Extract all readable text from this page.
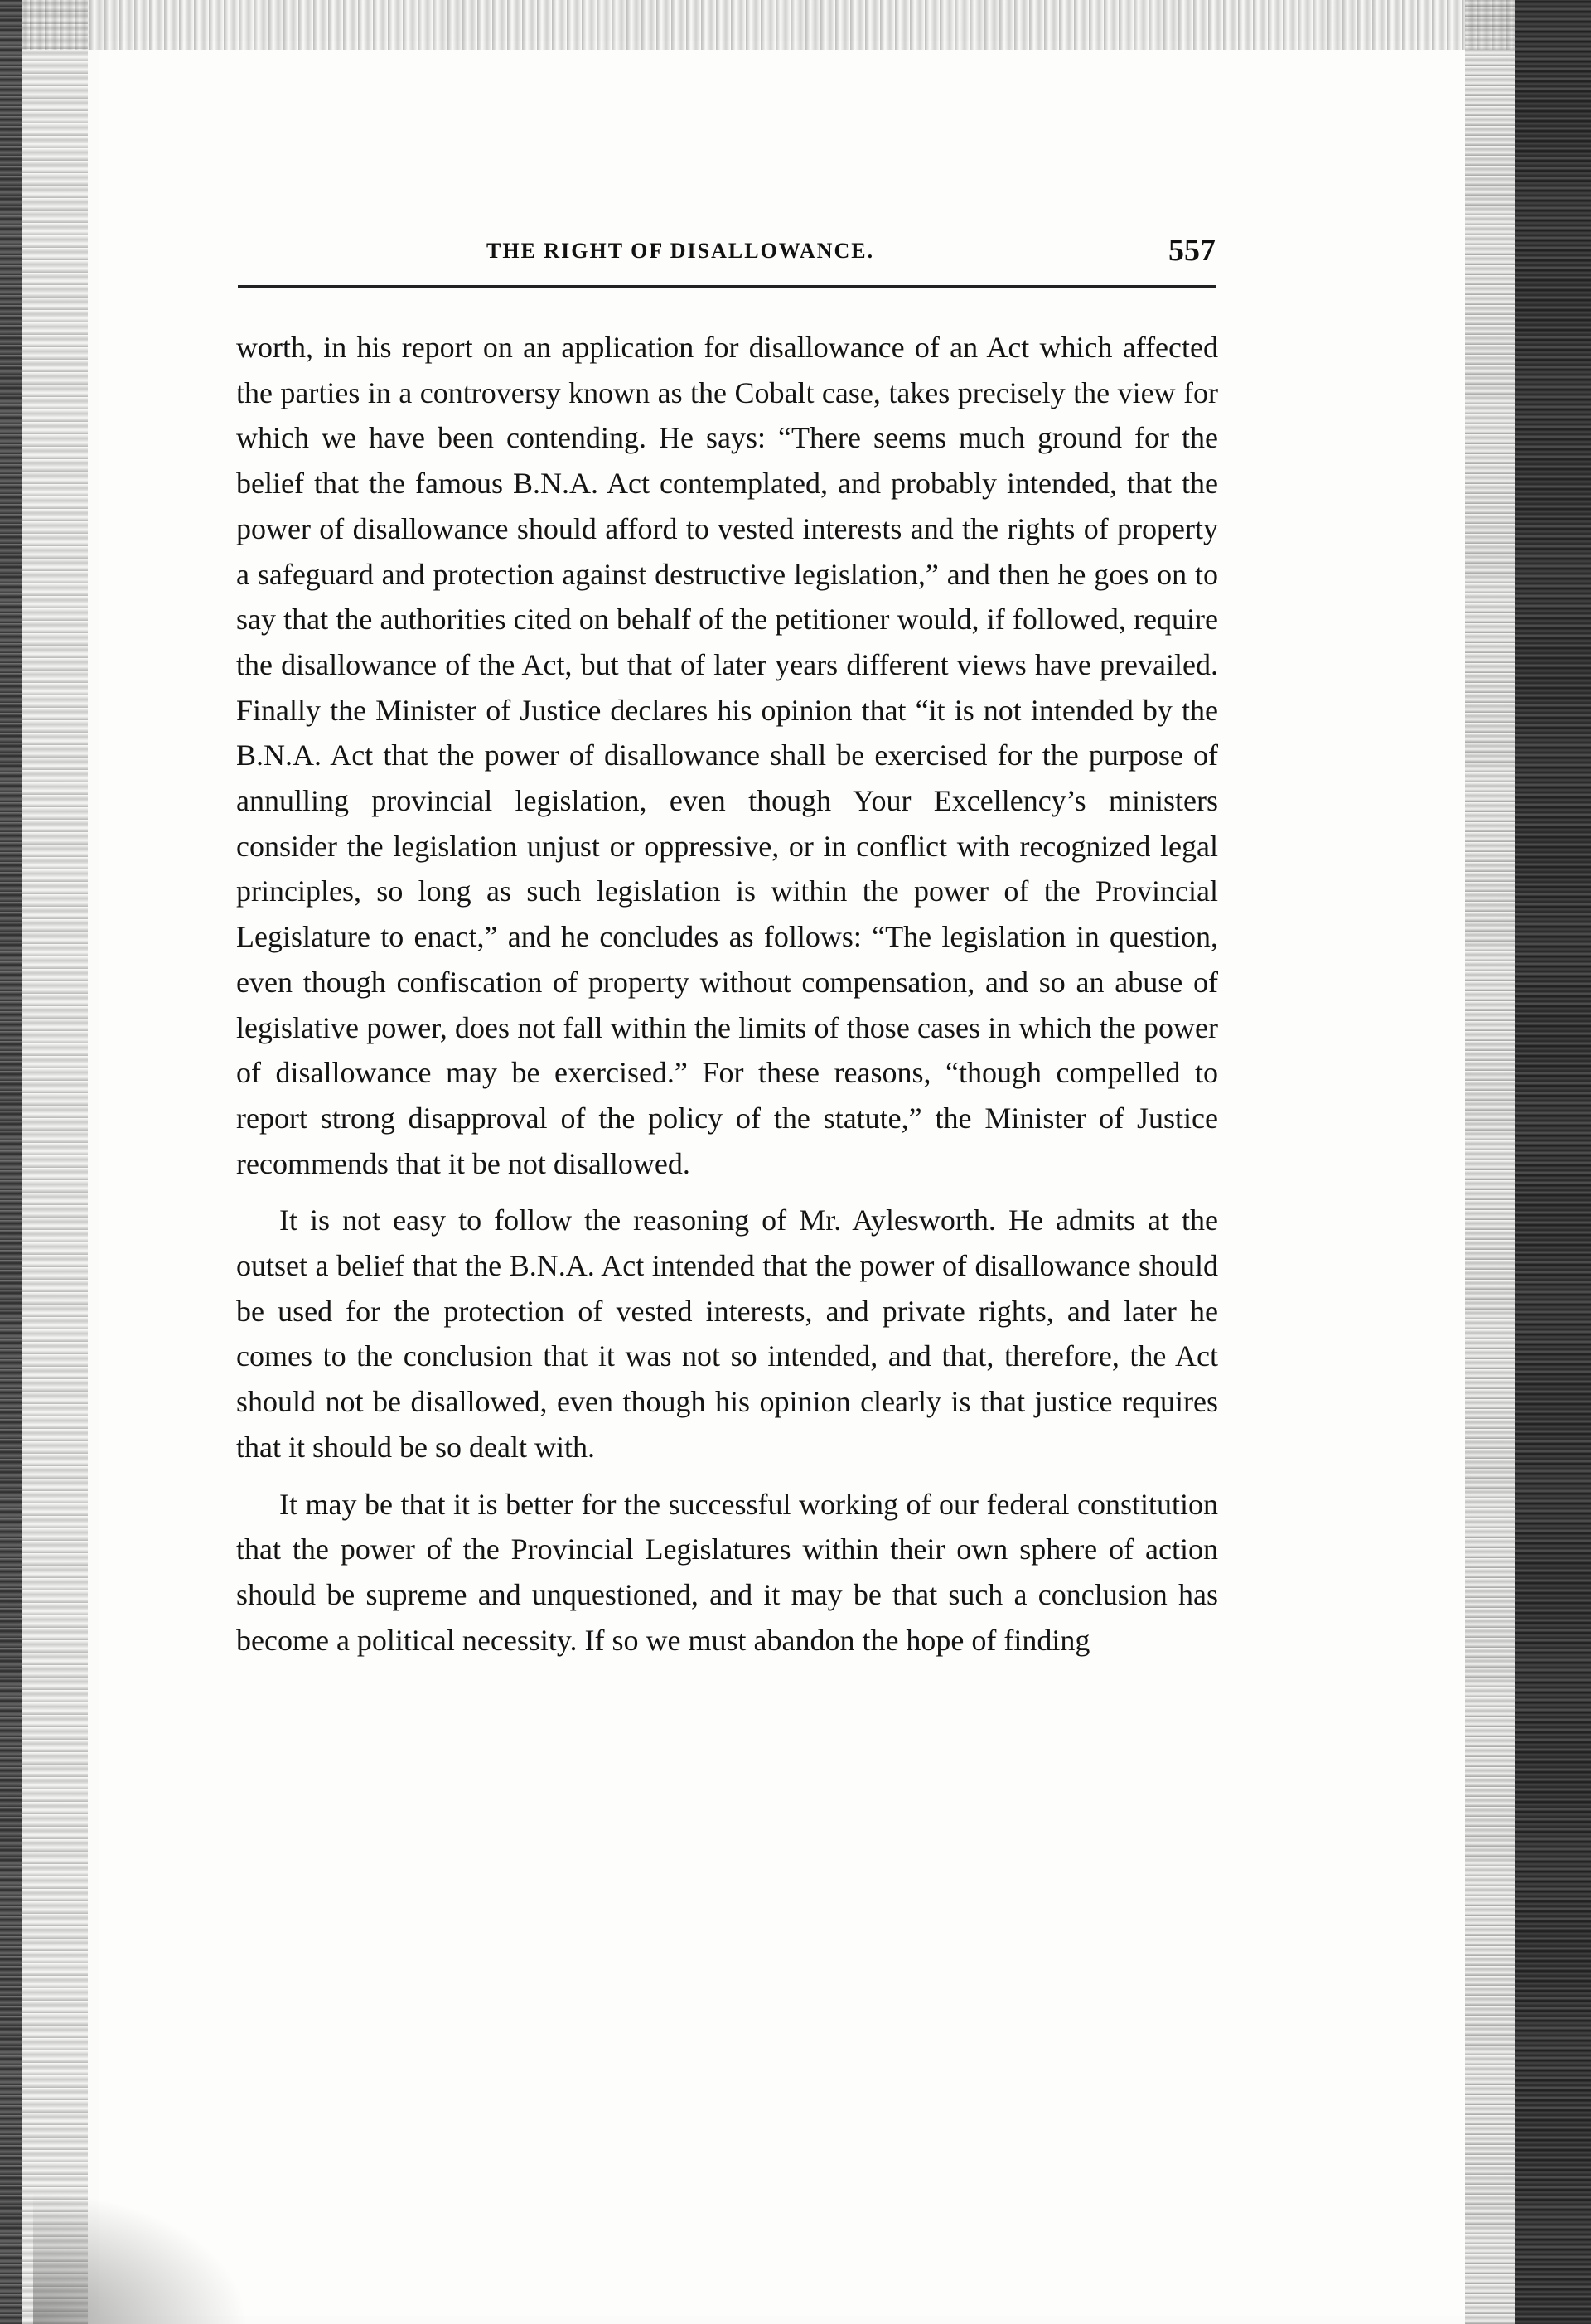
THE RIGHT OF DISALLOWANCE.	557

worth, in his report on an application for disallowance of an Act which affected the parties in a controversy known as the Cobalt case, takes precisely the view for which we have been contending. He says: “There seems much ground for the belief that the famous B.N.A. Act contemplated, and probably intended, that the power of disallowance should afford to vested interests and the rights of property a safeguard and protection against destructive legislation,” and then he goes on to say that the authorities cited on behalf of the petitioner would, if followed, require the disallowance of the Act, but that of later years different views have prevailed. Finally the Minister of Justice declares his opinion that “it is not intended by the B.N.A. Act that the power of disallowance shall be exercised for the purpose of annulling provincial legislation, even though Your Excellency’s ministers consider the legislation unjust or oppressive, or in conflict with recognized legal principles, so long as such legislation is within the power of the Provincial Legislature to enact,” and he concludes as follows: “The legislation in question, even though confiscation of property without compensation, and so an abuse of legislative power, does not fall within the limits of those cases in which the power of disallowance may be exercised.” For these reasons, “though compelled to report strong disapproval of the policy of the statute,” the Minister of Justice recommends that it be not disallowed.

It is not easy to follow the reasoning of Mr. Aylesworth. He admits at the outset a belief that the B.N.A. Act intended that the power of disallowance should be used for the protection of vested interests, and private rights, and later he comes to the conclusion that it was not so intended, and that, therefore, the Act should not be disallowed, even though his opinion clearly is that justice requires that it should be so dealt with.

It may be that it is better for the successful working of our federal constitution that the power of the Provincial Legislatures within their own sphere of action should be supreme and unquestioned, and it may be that such a conclusion has become a political necessity. If so we must abandon the hope of finding
